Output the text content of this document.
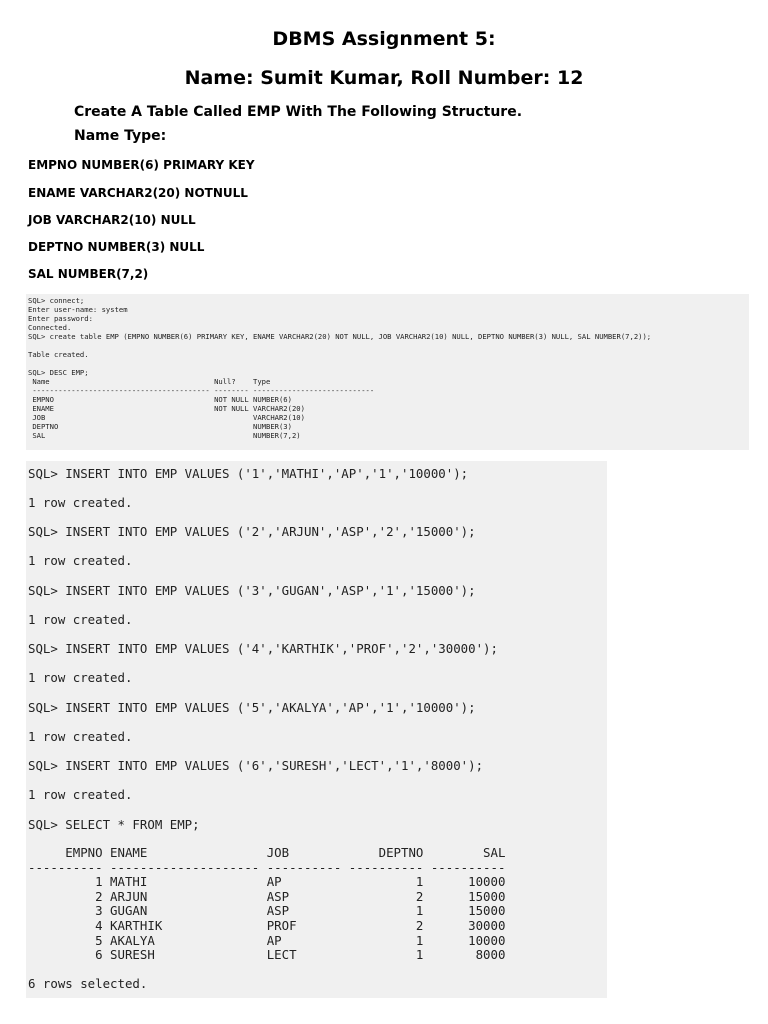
DBMS Assignment 5:
Name: Sumit Kumar, Roll Number: 12
Create A Table Called EMP With The Following Structure.
Name Type:
EMPNO NUMBER(6) PRIMARY KEY
ENAME VARCHAR2(20) NOTNULL
JOB VARCHAR2(10) NULL
DEPTNO NUMBER(3) NULL
SAL NUMBER(7,2)
SQL> connect;
Enter user-name: system
Enter password:
Connected.
SQL> create table EMP (EMPNO NUMBER(6) PRIMARY KEY, ENAME VARCHAR2(20) NOT NULL, JOB VARCHAR2(10) NULL, DEPTNO NUMBER(3) NULL, SAL NUMBER(7,2));

Table created.

SQL> DESC EMP;
Name                                      Null?    Type
----------------------------------------- -------- ----------------------------
EMPNO                                     NOT NULL NUMBER(6)
ENAME                                     NOT NULL VARCHAR2(20)
JOB                                                VARCHAR2(10)
DEPTNO                                             NUMBER(3)
SAL                                                NUMBER(7,2)
SQL> INSERT INTO EMP VALUES ('1','MATHI','AP','1','10000');
1 row created.
SQL> INSERT INTO EMP VALUES ('2','ARJUN','ASP','2','15000');
1 row created.
SQL> INSERT INTO EMP VALUES ('3','GUGAN','ASP','1','15000');
1 row created.
SQL> INSERT INTO EMP VALUES ('4','KARTHIK','PROF','2','30000');
1 row created.
SQL> INSERT INTO EMP VALUES ('5','AKALYA','AP','1','10000');
1 row created.
SQL> INSERT INTO EMP VALUES ('6','SURESH','LECT','1','8000');
1 row created.
SQL> SELECT * FROM EMP;
EMPNO ENAME                JOB            DEPTNO        SAL
---------- -------------------- ---------- ---------- ----------
1 MATHI                AP                  1      10000
2 ARJUN                ASP                 2      15000
3 GUGAN                ASP                 1      15000
4 KARTHIK              PROF                2      30000
5 AKALYA               AP                  1      10000
6 SURESH               LECT                1       8000

6 rows selected.
